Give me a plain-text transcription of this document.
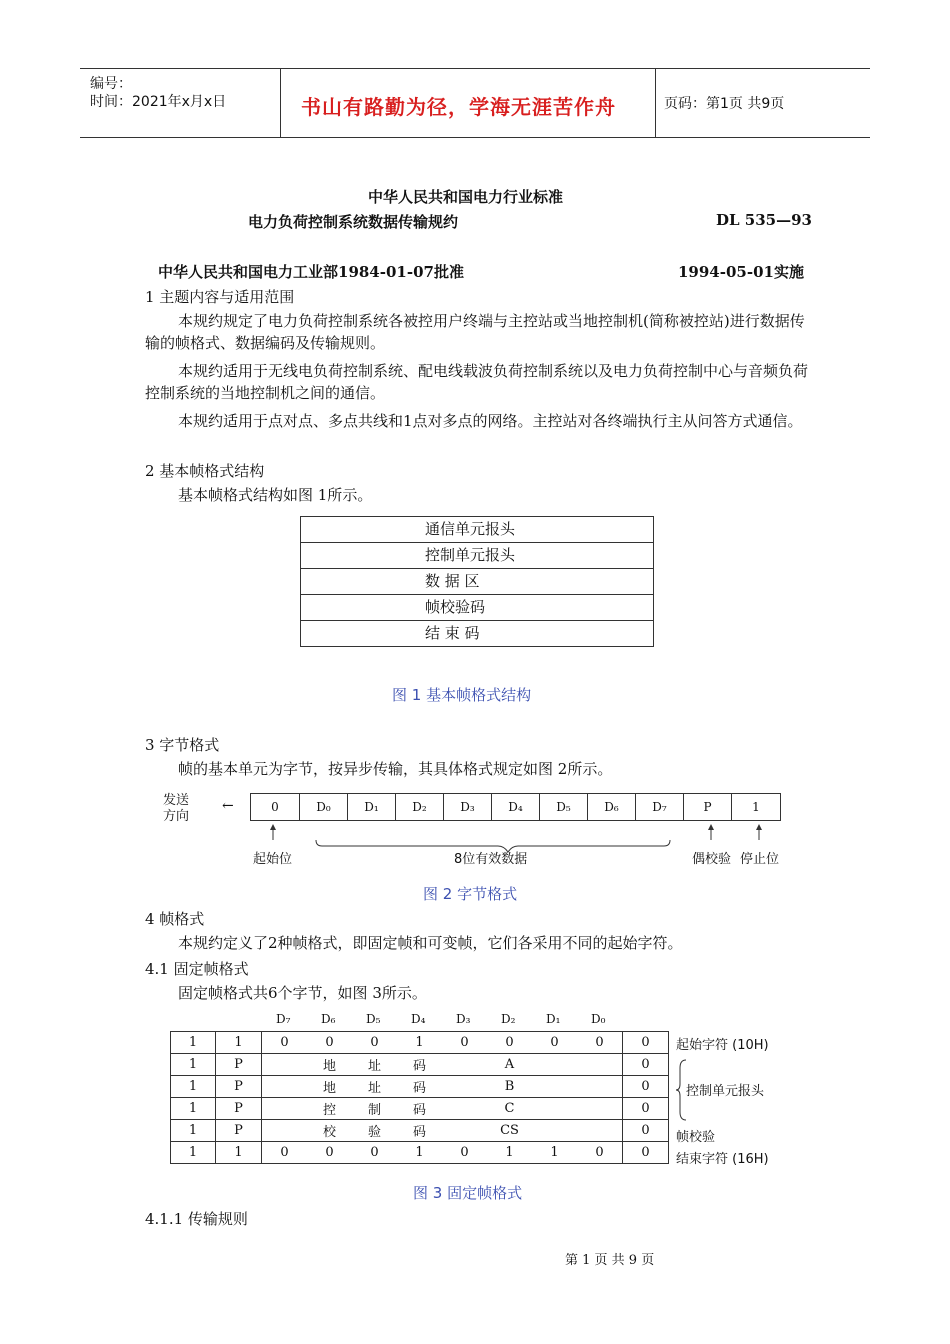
编号：
时间：2021年x月x日	书山有路勤为径，学海无涯苦作舟	页码：第1页 共9页
中华人民共和国电力行业标准
电力负荷控制系统数据传输规约	DL 535—93
中华人民共和国电力工业部1984-01-07批准	1994-05-01实施
1 主题内容与适用范围
本规约规定了电力负荷控制系统各被控用户终端与主控站或当地控制机(简称被控站)进行数据传输的帧格式、数据编码及传输规则。
本规约适用于无线电负荷控制系统、配电线载波负荷控制系统以及电力负荷控制中心与音频负荷控制系统的当地控制机之间的通信。
本规约适用于点对点、多点共线和1点对多点的网络。主控站对各终端执行主从问答方式通信。
2 基本帧格式结构
基本帧格式结构如图 1所示。
通信单元报头
控制单元报头
数 据 区
帧校验码
结 束 码
图 1 基本帧格式结构
3 字节格式
帧的基本单元为字节，按异步传输，其具体格式规定如图 2所示。
发送
方向
←	0	D₀	D₁	D₂	D₃	D₄	D₅	D₆	D₇	P	1
起始位	8位有效数据	偶校验 停止位
图 2 字节格式
4 帧格式
本规约定义了2种帧格式，即固定帧和可变帧，它们各采用不同的起始字符。
4.1 固定帧格式
固定帧格式共6个字节，如图 3所示。
D₇	D₆	D₅	D₄	D₃	D₂	D₁	D₀
1	1	0	0	0	1	0	0	0	0	0
1	P		地	址	码		A			0
1	P		地	址	码		B			0
1	P		控	制	码		C			0
1	P		校	验	码		CS			0
1	1	0	0	0	1	0	1	1	0	0
起始字符 (10H)
控制单元报头
帧校验
结束字符 (16H)
图 3 固定帧格式
4.1.1 传输规则
第 1 页 共 9 页
